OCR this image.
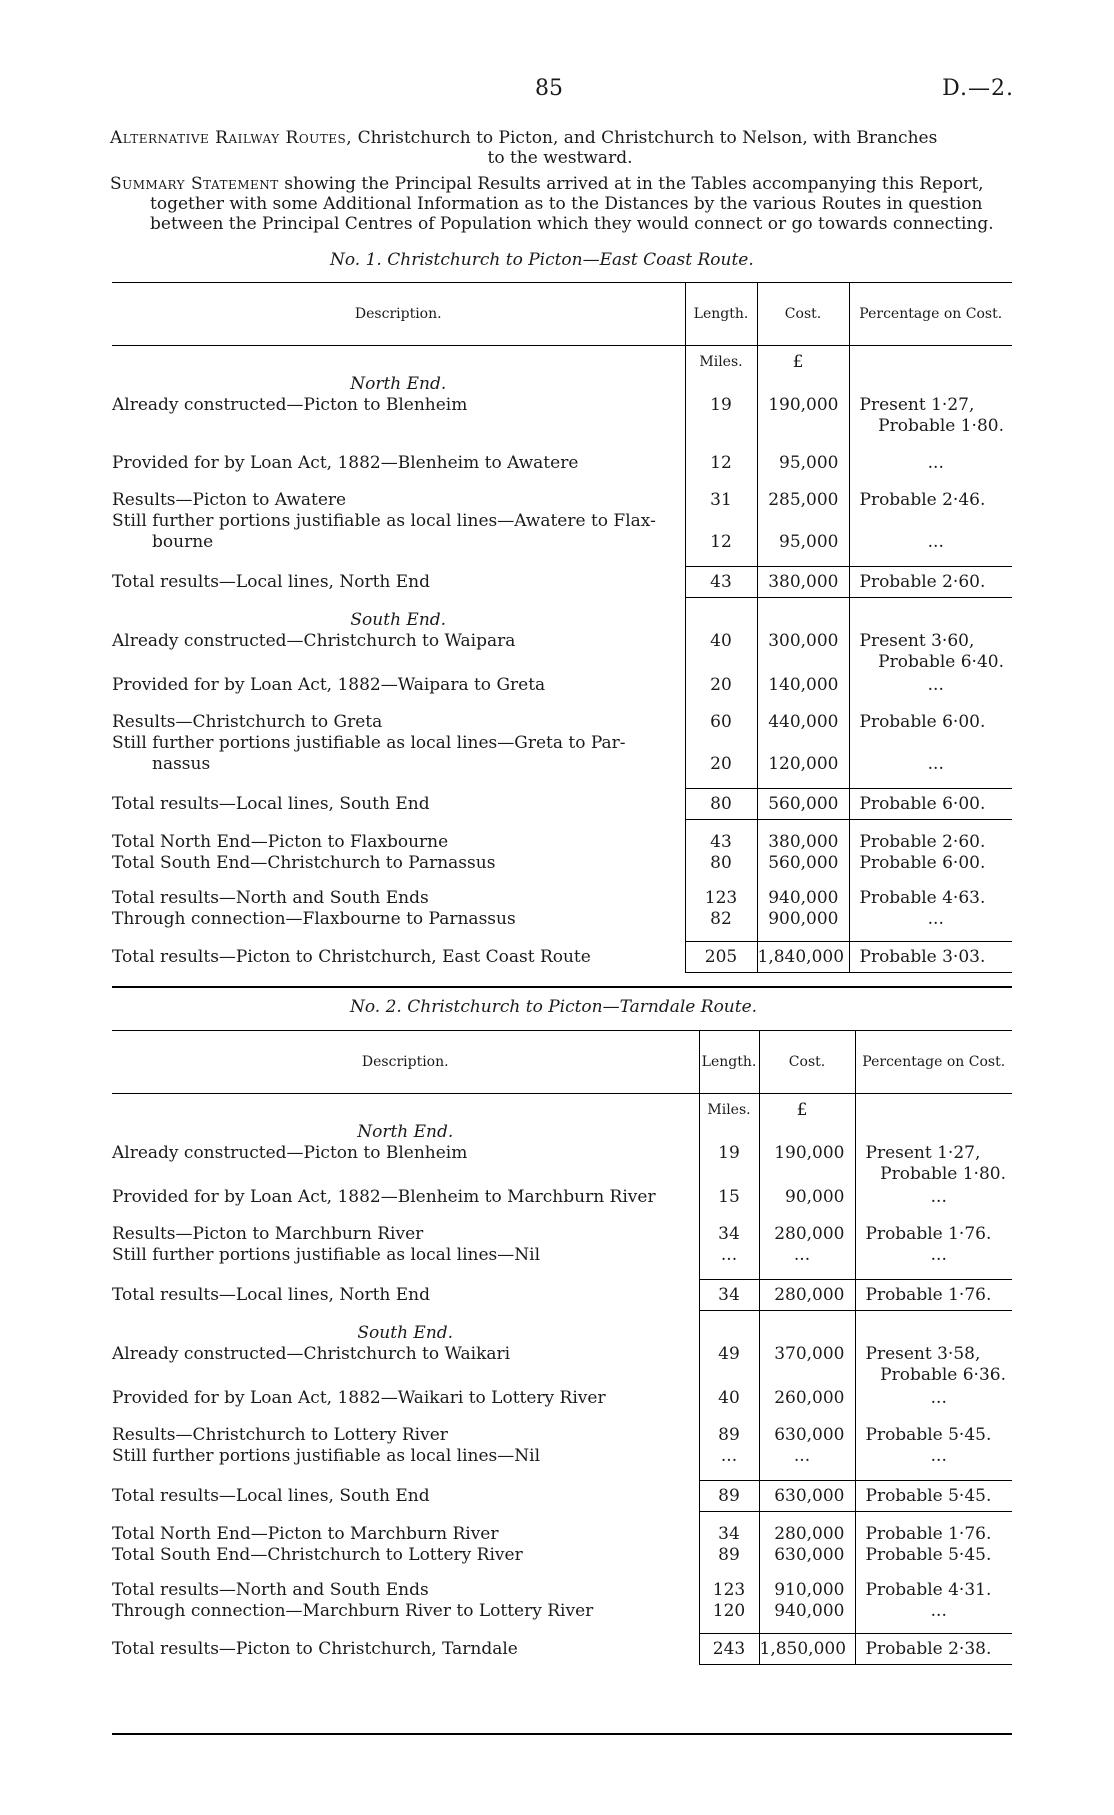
85	D.—2.
Alternative Railway Routes, Christchurch to Picton, and Christchurch to Nelson, with Branches
to the westward.
Summary Statement showing the Principal Results arrived at in the Tables accompanying this Report,
together with some Additional Information as to the Distances by the various Routes in question
between the Principal Centres of Population which they would connect or go towards connecting.
No. 1. Christchurch to Picton—East Coast Route.
Description.	Length.	Cost.	Percentage on Cost.
	Miles.	£	
North End.			
Already constructed—Picton to Blenheim	19	190,000	Present 1·27,
Probable 1·80.

Provided for by Loan Act, 1882—Blenheim to Awatere	12	95,000	...

Results—Picton to Awatere	31	285,000	Probable 2·46.

Still further portions justifiable as local lines—Awatere to Flax-
bourne	12	95,000	...

Total results—Local lines, North End	43	380,000	Probable 2·60.

South End.			
Already constructed—Christchurch to Waipara	40	300,000	Present 3·60,
Probable 6·40.

Provided for by Loan Act, 1882—Waipara to Greta	20	140,000	...

Results—Christchurch to Greta	60	440,000	Probable 6·00.

Still further portions justifiable as local lines—Greta to Par-
nassus	20	120,000	...

Total results—Local lines, South End	80	560,000	Probable 6·00.

Total North End—Picton to Flaxbourne	43	380,000	Probable 2·60.
Total South End—Christchurch to Parnassus	80	560,000	Probable 6·00.

Total results—North and South Ends	123	940,000	Probable 4·63.
Through connection—Flaxbourne to Parnassus	82	900,000	...

Total results—Picton to Christchurch, East Coast Route	205	1,840,000	Probable 3·03.
No. 2. Christchurch to Picton—Tarndale Route.
Description.	Length.	Cost.	Percentage on Cost.
	Miles.	£	
North End.			
Already constructed—Picton to Blenheim	19	190,000	Present 1·27,
Probable 1·80.

Provided for by Loan Act, 1882—Blenheim to Marchburn River	15	90,000	...

Results—Picton to Marchburn River	34	280,000	Probable 1·76.
Still further portions justifiable as local lines—Nil	...	...	...

Total results—Local lines, North End	34	280,000	Probable 1·76.

South End.			
Already constructed—Christchurch to Waikari	49	370,000	Present 3·58,
Probable 6·36.

Provided for by Loan Act, 1882—Waikari to Lottery River	40	260,000	...

Results—Christchurch to Lottery River	89	630,000	Probable 5·45.
Still further portions justifiable as local lines—Nil	...	...	...

Total results—Local lines, South End	89	630,000	Probable 5·45.

Total North End—Picton to Marchburn River	34	280,000	Probable 1·76.
Total South End—Christchurch to Lottery River	89	630,000	Probable 5·45.

Total results—North and South Ends	123	910,000	Probable 4·31.
Through connection—Marchburn River to Lottery River	120	940,000	...

Total results—Picton to Christchurch, Tarndale	243	1,850,000	Probable 2·38.
